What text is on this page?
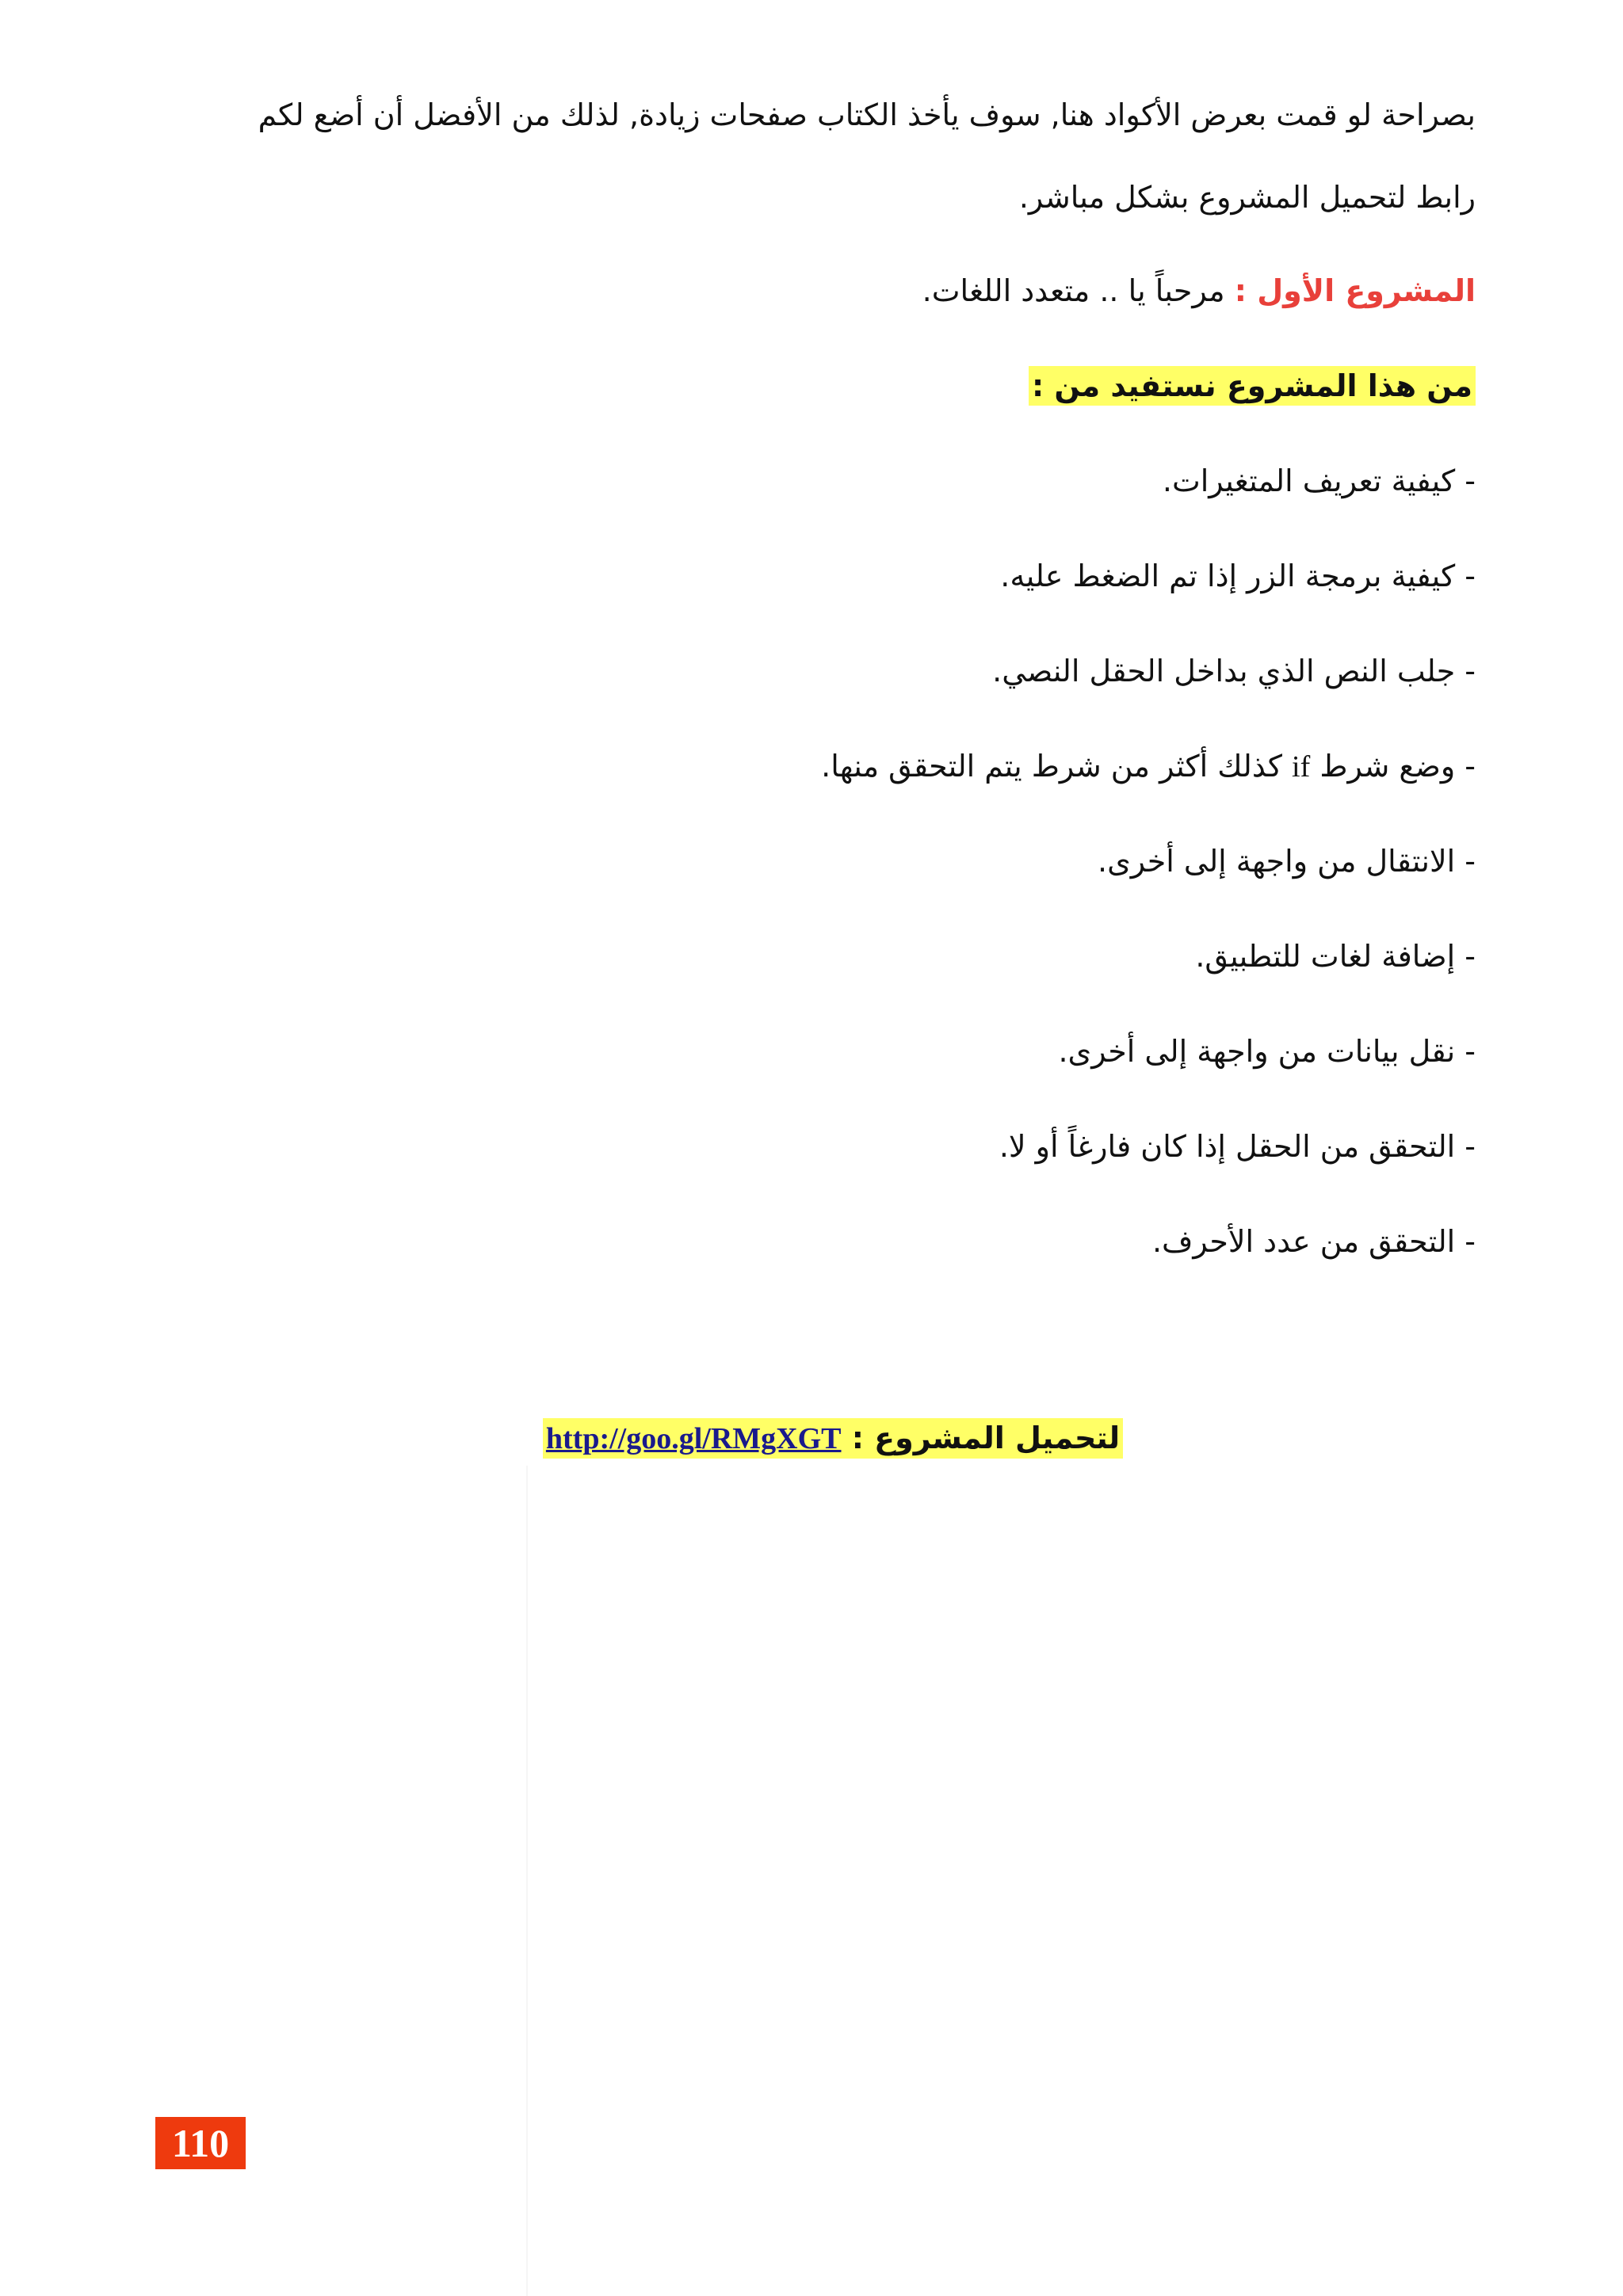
بصراحة لو قمت بعرض الأكواد هنا, سوف يأخذ الكتاب صفحات زيادة, لذلك من الأفضل أن أضع لكم
رابط لتحميل المشروع بشكل مباشر.
المشروع الأول : مرحباً يا .. متعدد اللغات.
من هذا المشروع نستفيد من :
- كيفية تعريف المتغيرات.
- كيفية برمجة الزر إذا تم الضغط عليه.
- جلب النص الذي بداخل الحقل النصي.
- وضع شرط if كذلك أكثر من شرط يتم التحقق منها.
- الانتقال من واجهة إلى أخرى.
- إضافة لغات للتطبيق.
- نقل بيانات من واجهة إلى أخرى.
- التحقق من الحقل إذا كان فارغاً أو لا.
- التحقق من عدد الأحرف.
لتحميل المشروع : http://goo.gl/RMgXGT
110
